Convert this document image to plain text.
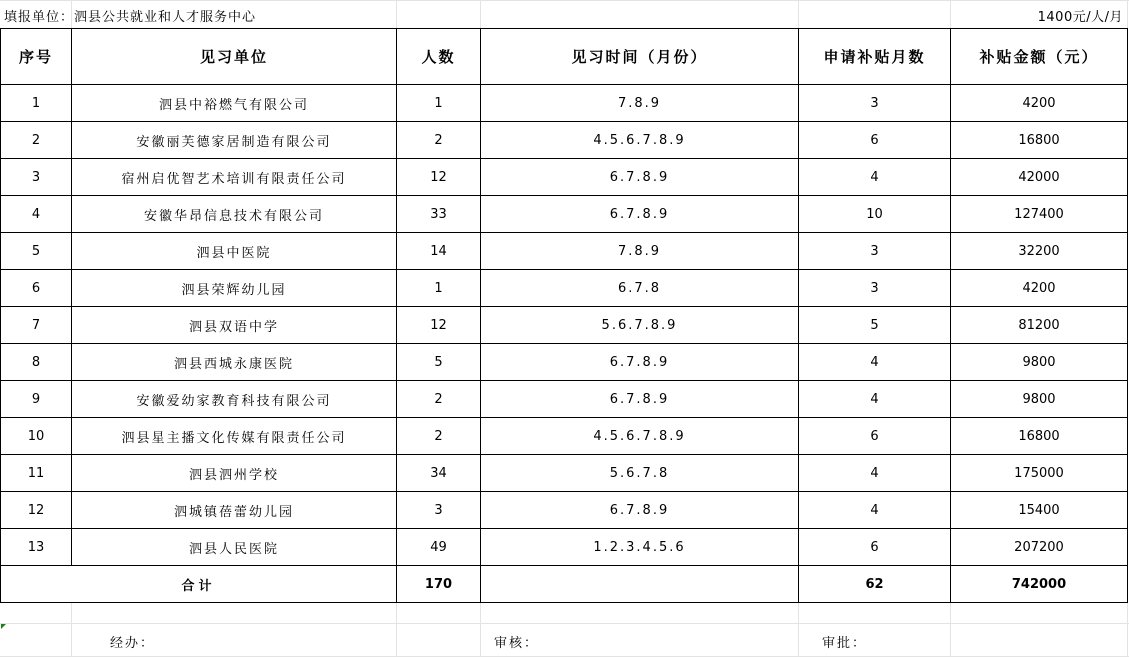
填报单位：泗县公共就业和人才服务中心	1400元/人/月
序号	见习单位	人数	见习时间（月份）	申请补贴月数	补贴金额（元）
1	泗县中裕燃气有限公司	1	7.8.9	3	4200
2	安徽丽芙德家居制造有限公司	2	4.5.6.7.8.9	6	16800
3	宿州启优智艺术培训有限责任公司	12	6.7.8.9	4	42000
4	安徽华昂信息技术有限公司	33	6.7.8.9	10	127400
5	泗县中医院	14	7.8.9	3	32200
6	泗县荣辉幼儿园	1	6.7.8	3	4200
7	泗县双语中学	12	5.6.7.8.9	5	81200
8	泗县西城永康医院	5	6.7.8.9	4	9800
9	安徽爱幼家教育科技有限公司	2	6.7.8.9	4	9800
10	泗县星主播文化传媒有限责任公司	2	4.5.6.7.8.9	6	16800
11	泗县泗州学校	34	5.6.7.8	4	175000
12	泗城镇蓓蕾幼儿园	3	6.7.8.9	4	15400
13	泗县人民医院	49	1.2.3.4.5.6	6	207200
合计		170		62	742000
经办：	审核：	审批：
